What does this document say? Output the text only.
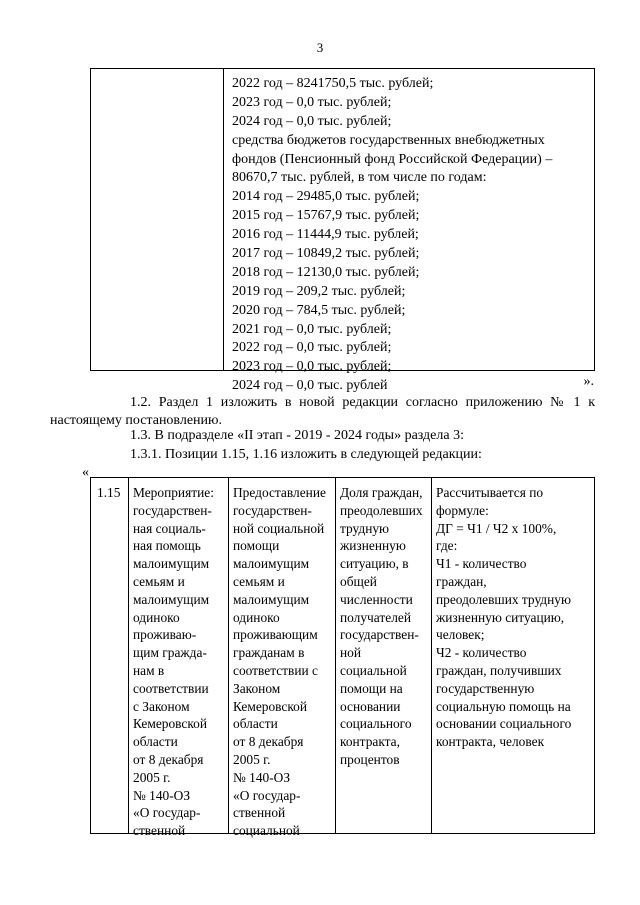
3
2022 год – 8241750,5 тыс. рублей;
2023 год – 0,0 тыс. рублей;
2024 год – 0,0 тыс. рублей;
средства бюджетов государственных внебюджетных
фондов (Пенсионный фонд Российской Федерации) –
80670,7 тыс. рублей, в том числе по годам:
2014 год – 29485,0 тыс. рублей;
2015 год – 15767,9 тыс. рублей;
2016 год – 11444,9 тыс. рублей;
2017 год – 10849,2 тыс. рублей;
2018 год – 12130,0 тыс. рублей;
2019 год – 209,2 тыс. рублей;
2020 год – 784,5 тыс. рублей;
2021 год – 0,0 тыс. рублей;
2022 год – 0,0 тыс. рублей;
2023 год – 0,0 тыс. рублей;
2024 год – 0,0 тыс. рублей	».
1.2. Раздел 1 изложить в новой редакции согласно приложению № 1 к
настоящему постановлению.
1.3. В подразделе «II этап - 2019 - 2024 годы» раздела 3:
1.3.1. Позиции 1.15, 1.16 изложить в следующей редакции:
«
1.15 Мероприятие:
государствен-
ная социаль-
ная помощь
малоимущим
семьям и
малоимущим
одиноко
проживаю-
щим гражда-
нам в
соответствии
с Законом
Кемеровской
области
от 8 декабря
2005 г.
№ 140-ОЗ
«О государ-
ственной
Предоставление
государствен-
ной социальной
помощи
малоимущим
семьям и
малоимущим
одиноко
проживающим
гражданам в
соответствии с
Законом
Кемеровской
области
от 8 декабря
2005 г.
№ 140-ОЗ
«О государ-
ственной
социальной
Доля граждан,
преодолевших
трудную
жизненную
ситуацию, в
общей
численности
получателей
государствен-
ной
социальной
помощи на
основании
социального
контракта,
процентов
Рассчитывается по
формуле:
ДГ = Ч1 / Ч2 x 100%,
где:
Ч1 - количество
граждан,
преодолевших трудную
жизненную ситуацию,
человек;
Ч2 - количество
граждан, получивших
государственную
социальную помощь на
основании социального
контракта, человек
